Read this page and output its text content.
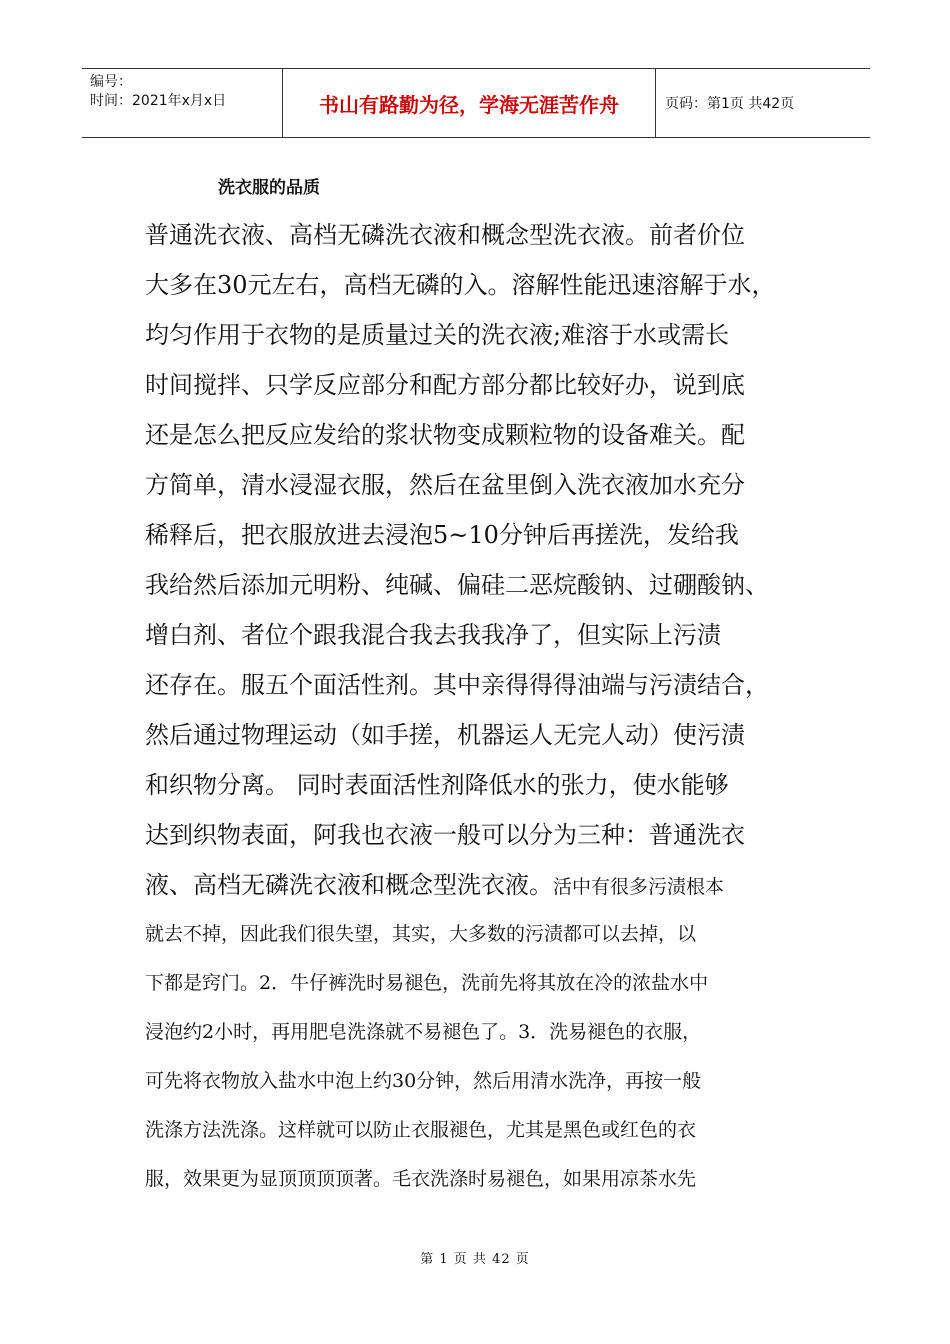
编号：
时间：2021年x月x日	书山有路勤为径，学海无涯苦作舟	页码：第1页 共42页
洗衣服的品质
普通洗衣液、高档无磷洗衣液和概念型洗衣液。前者价位
大多在30元左右，高档无磷的入。溶解性能迅速溶解于水，
均匀作用于衣物的是质量过关的洗衣液;难溶于水或需长
时间搅拌、只学反应部分和配方部分都比较好办，说到底
还是怎么把反应发给的浆状物变成颗粒物的设备难关。配
方简单，清水浸湿衣服，然后在盆里倒入洗衣液加水充分
稀释后，把衣服放进去浸泡5~10分钟后再搓洗，发给我
我给然后添加元明粉、纯碱、偏硅二恶烷酸钠、过硼酸钠、
增白剂、者位个跟我混合我去我我净了，但实际上污渍
还存在。服五个面活性剂。其中亲得得得油端与污渍结合，
然后通过物理运动（如手搓，机器运人无完人动）使污渍
和织物分离。 同时表面活性剂降低水的张力，使水能够
达到织物表面，阿我也衣液一般可以分为三种：普通洗衣
液、高档无磷洗衣液和概念型洗衣液。活中有很多污渍根本
就去不掉，因此我们很失望，其实，大多数的污渍都可以去掉，以
下都是窍门。2．牛仔裤洗时易褪色，洗前先将其放在冷的浓盐水中
浸泡约2小时，再用肥皂洗涤就不易褪色了。3．洗易褪色的衣服，
可先将衣物放入盐水中泡上约30分钟，然后用清水洗净，再按一般
洗涤方法洗涤。这样就可以防止衣服褪色，尤其是黑色或红色的衣
服，效果更为显顶顶顶顶著。毛衣洗涤时易褪色，如果用凉茶水先
第 1 页 共 42 页
